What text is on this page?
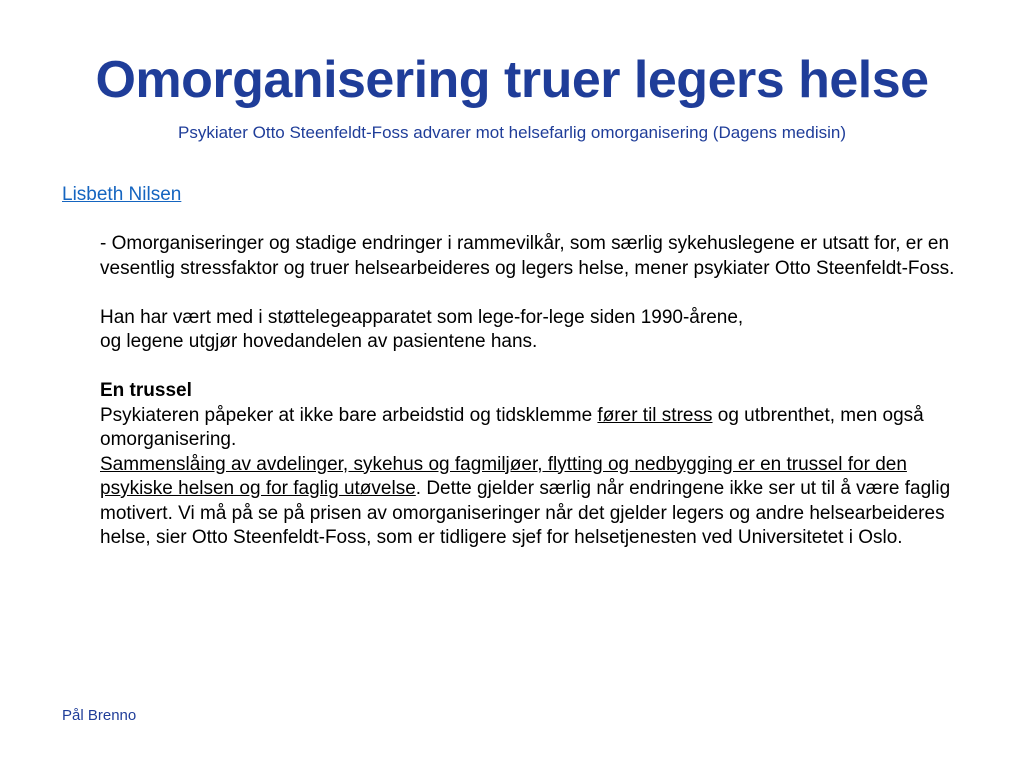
Omorganisering truer legers helse
Psykiater Otto Steenfeldt-Foss advarer mot helsefarlig omorganisering (Dagens medisin)
Lisbeth Nilsen

- Omorganiseringer og stadige endringer i rammevilkår, som særlig sykehuslegene er utsatt for, er en vesentlig stressfaktor og truer helsearbeideres og legers helse, mener psykiater Otto Steenfeldt-Foss.

Han har vært med i støttelegeapparatet som lege-for-lege siden 1990-årene,
og legene utgjør hovedandelen av pasientene hans.

En trussel

Psykiateren påpeker at ikke bare arbeidstid og tidsklemme fører til stress og utbrenthet, men også omorganisering.
Sammenslåing av avdelinger, sykehus og fagmiljøer, flytting og nedbygging er en trussel for den psykiske helsen og for faglig utøvelse. Dette gjelder særlig når endringene ikke ser ut til å være faglig motivert. Vi må på se på prisen av omorganiseringer når det gjelder legers og andre helsearbeideres helse, sier Otto Steenfeldt-Foss, som er tidligere sjef for helsetjenesten ved Universitetet i Oslo.

Pål Brenno
